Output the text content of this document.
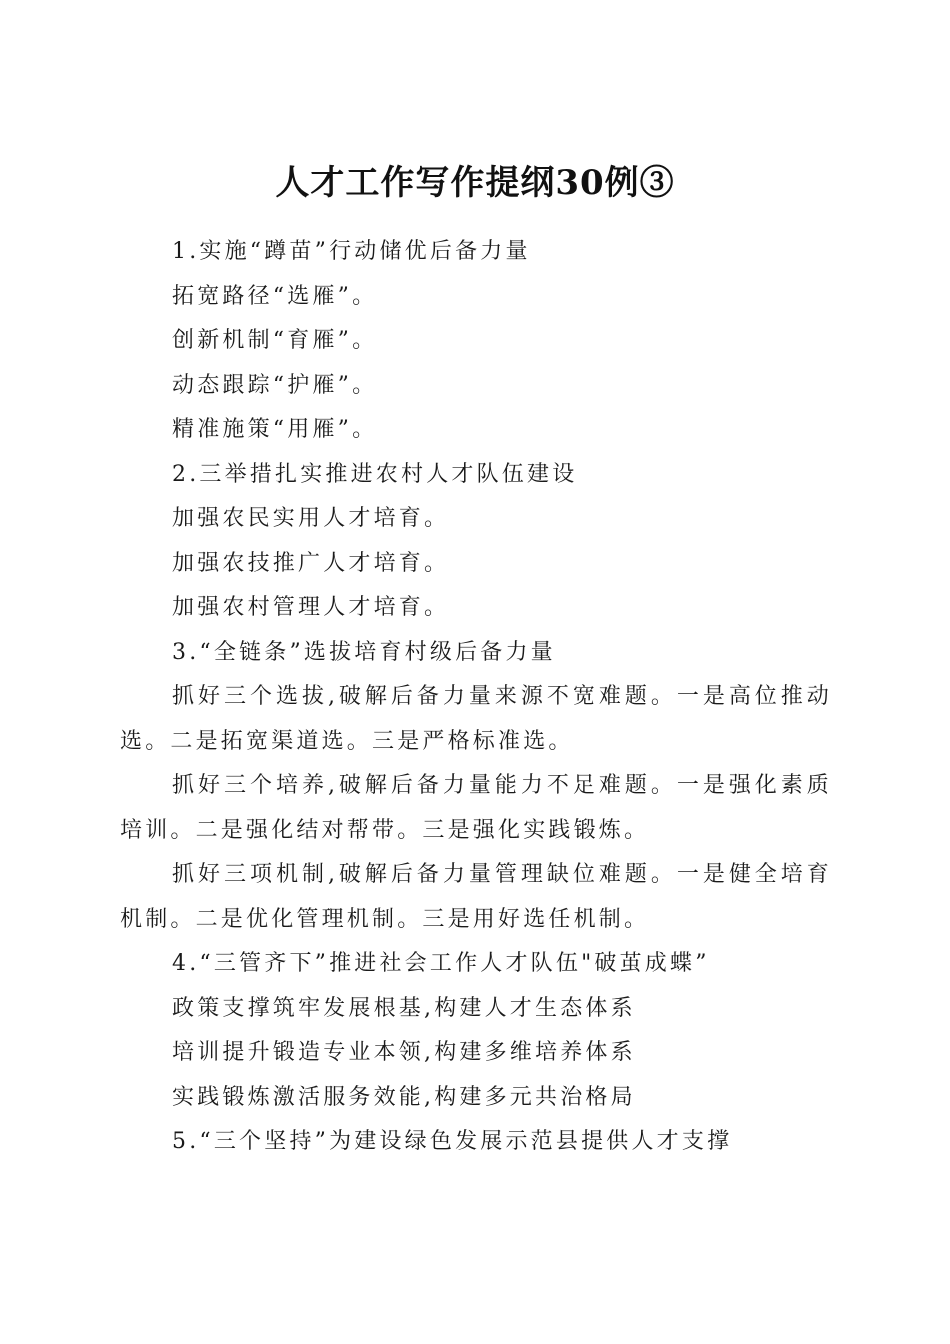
人才工作写作提纲30例③

1.实施“蹲苗”行动储优后备力量

拓宽路径“选雁”。

创新机制“育雁”。

动态跟踪“护雁”。

精准施策“用雁”。

2.三举措扎实推进农村人才队伍建设

加强农民实用人才培育。

加强农技推广人才培育。

加强农村管理人才培育。

3.“全链条”选拔培育村级后备力量

抓好三个选拔,破解后备力量来源不宽难题。一是高位推动选。二是拓宽渠道选。三是严格标准选。

抓好三个培养,破解后备力量能力不足难题。一是强化素质培训。二是强化结对帮带。三是强化实践锻炼。

抓好三项机制,破解后备力量管理缺位难题。一是健全培育机制。二是优化管理机制。三是用好选任机制。

4.“三管齐下”推进社会工作人才队伍"破茧成蝶”

政策支撑筑牢发展根基,构建人才生态体系

培训提升锻造专业本领,构建多维培养体系

实践锻炼激活服务效能,构建多元共治格局

5.“三个坚持”为建设绿色发展示范县提供人才支撑
